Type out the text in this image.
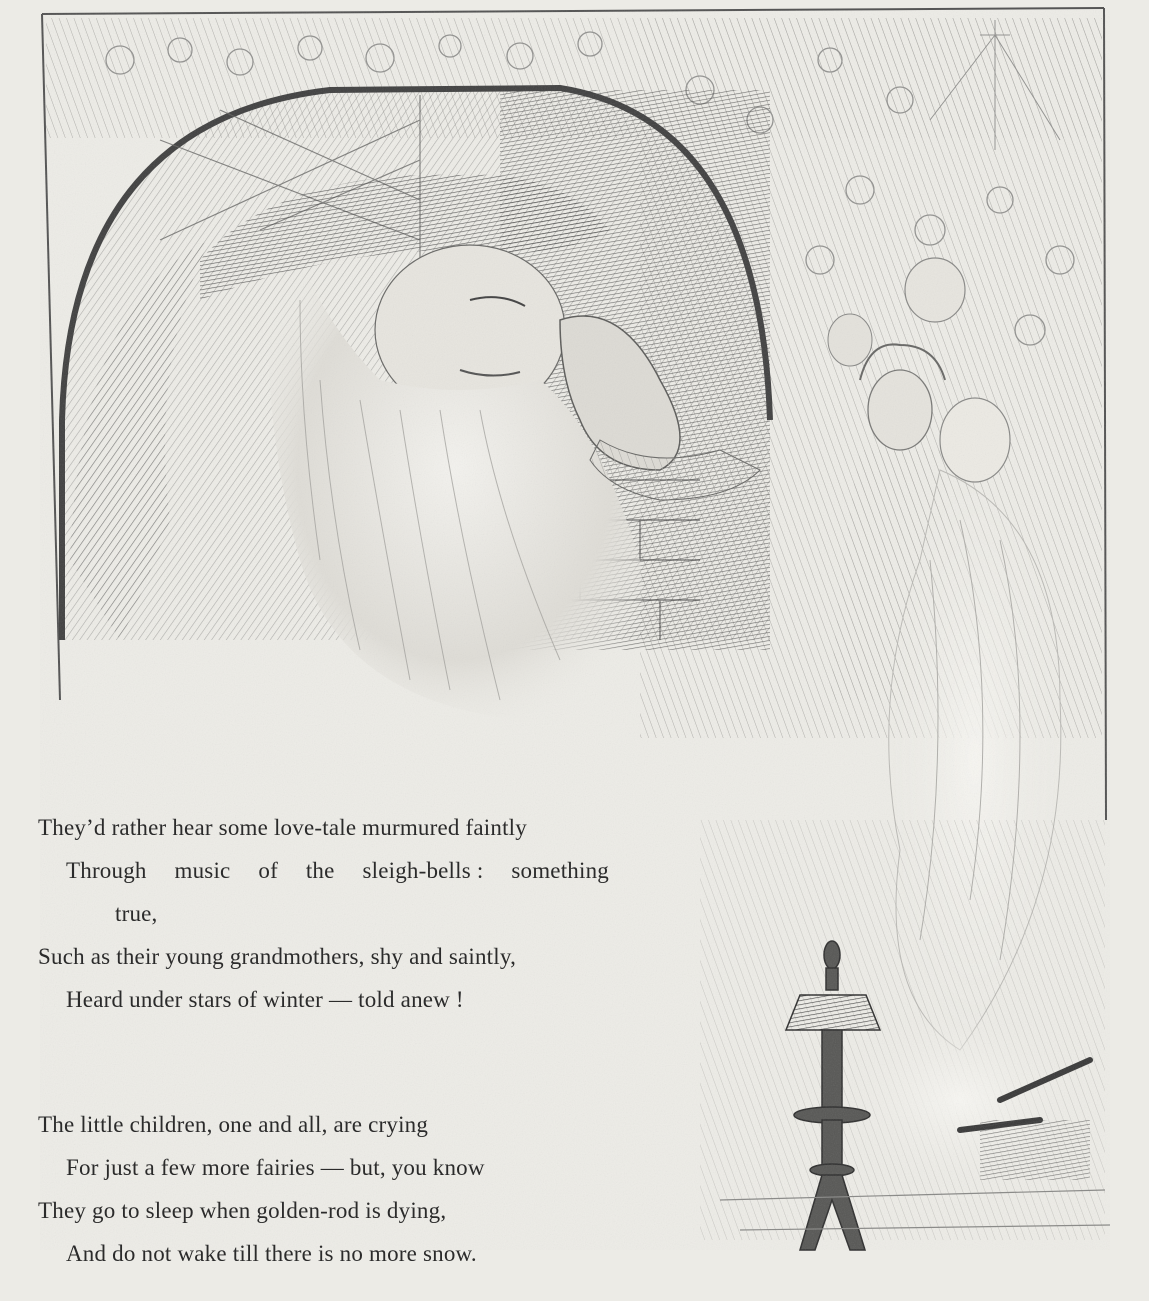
They’d rather hear some love-tale murmured faintly
Through music of the sleigh-bells : something
true,
Such as their young grandmothers, shy and saintly,
Heard under stars of winter — told anew !
The little children, one and all, are crying
For just a few more fairies — but, you know
They go to sleep when golden-rod is dying,
And do not wake till there is no more snow.
